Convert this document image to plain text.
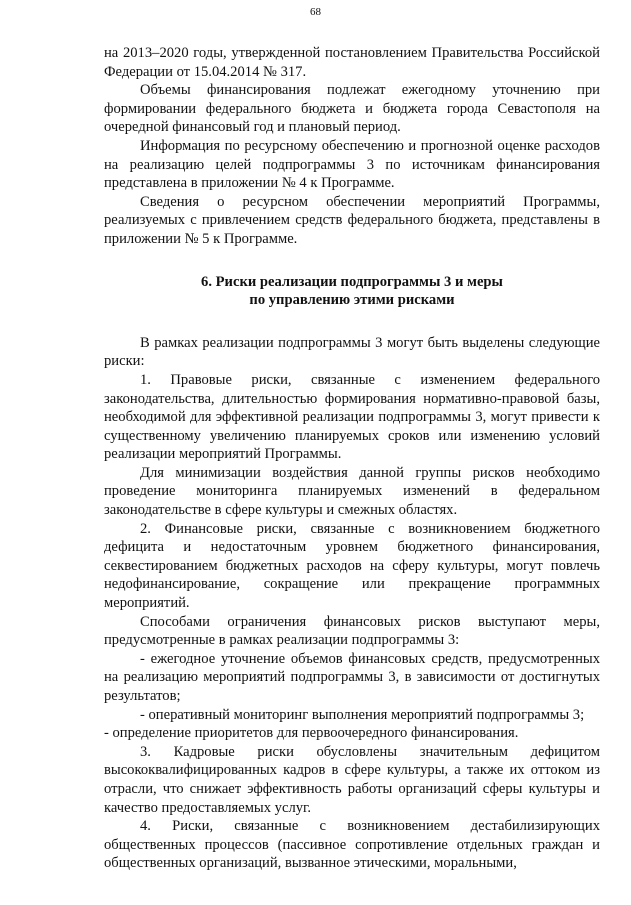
68

на 2013–2020 годы, утвержденной постановлением Правительства Российской Федерации от 15.04.2014 № 317.

Объемы финансирования подлежат ежегодному уточнению при формировании федерального бюджета и бюджета города Севастополя на очередной финансовый год и плановый период.

Информация по ресурсному обеспечению и прогнозной оценке расходов на реализацию целей подпрограммы 3 по источникам финансирования представлена в приложении № 4 к Программе.

Сведения о ресурсном обеспечении мероприятий Программы, реализуемых с привлечением средств федерального бюджета, представлены в приложении № 5 к Программе.

6. Риски реализации подпрограммы 3 и меры
по управлению этими рисками

В рамках реализации подпрограммы 3 могут быть выделены следующие риски:

1. Правовые риски, связанные с изменением федерального законодательства, длительностью формирования нормативно-правовой базы, необходимой для эффективной реализации подпрограммы 3, могут привести к существенному увеличению планируемых сроков или изменению условий реализации мероприятий Программы.

Для минимизации воздействия данной группы рисков необходимо проведение мониторинга планируемых изменений в федеральном законодательстве в сфере культуры и смежных областях.

2. Финансовые риски, связанные с возникновением бюджетного дефицита и недостаточным уровнем бюджетного финансирования, секвестированием бюджетных расходов на сферу культуры, могут повлечь недофинансирование, сокращение или прекращение программных мероприятий.

Способами ограничения финансовых рисков выступают меры, предусмотренные в рамках реализации подпрограммы 3:

- ежегодное уточнение объемов финансовых средств, предусмотренных на реализацию мероприятий подпрограммы 3, в зависимости от достигнутых результатов;

- оперативный мониторинг выполнения мероприятий подпрограммы 3;

- определение приоритетов для первоочередного финансирования.

3. Кадровые риски обусловлены значительным дефицитом высококвалифицированных кадров в сфере культуры, а также их оттоком из отрасли, что снижает эффективность работы организаций сферы культуры и качество предоставляемых услуг.

4. Риски, связанные с возникновением дестабилизирующих общественных процессов (пассивное сопротивление отдельных граждан и общественных организаций, вызванное этическими, моральными,
